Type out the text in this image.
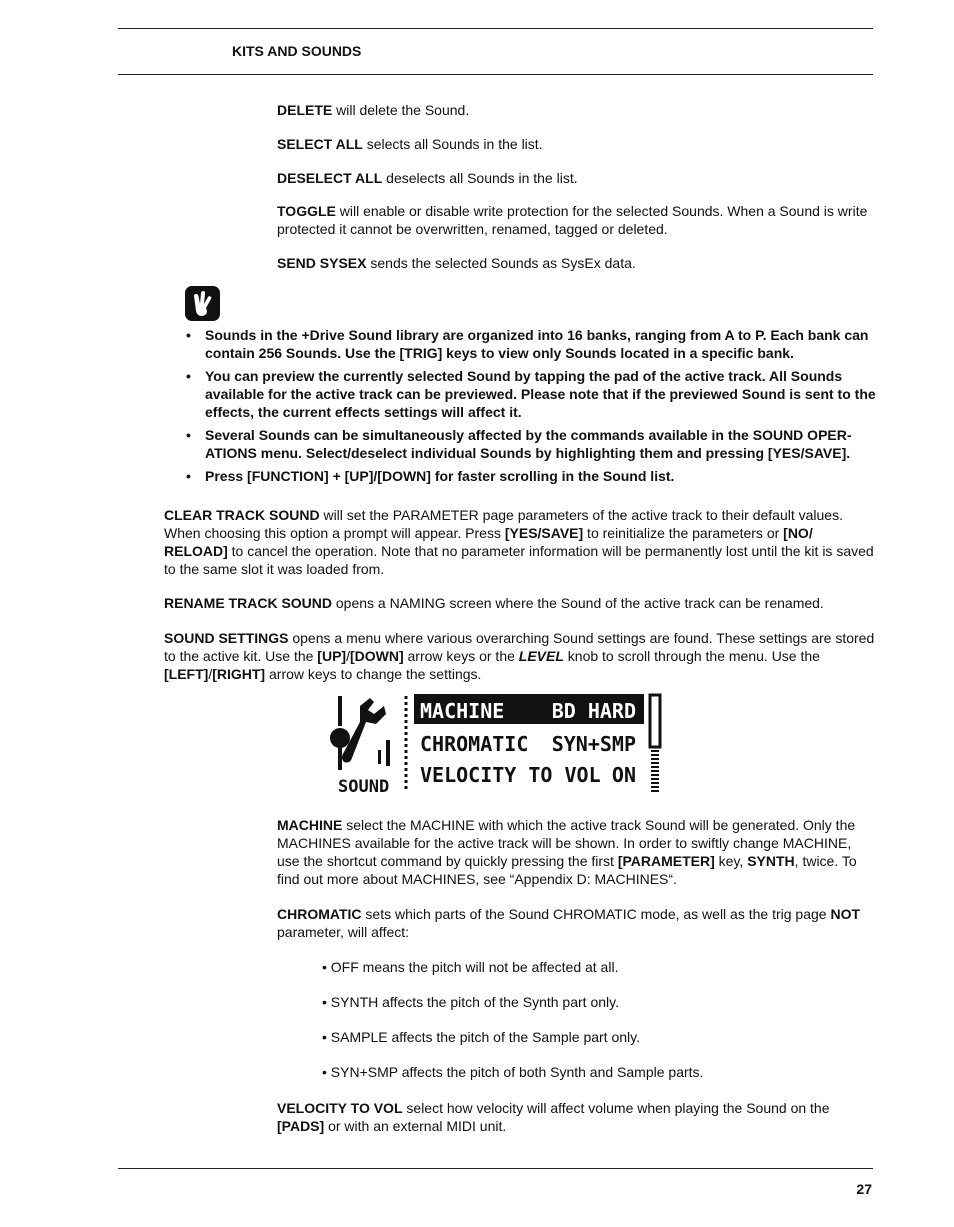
KITS AND SOUNDS

DELETE will delete the Sound.

SELECT ALL selects all Sounds in the list.

DESELECT ALL deselects all Sounds in the list.

TOGGLE will enable or disable write protection for the selected Sounds. When a Sound is write protected it cannot be overwritten, renamed, tagged or deleted.

SEND SYSEX sends the selected Sounds as SysEx data.

• Sounds in the +Drive Sound library are organized into 16 banks, ranging from A to P. Each bank can contain 256 Sounds. Use the [TRIG] keys to view only Sounds located in a specific bank.
• You can preview the currently selected Sound by tapping the pad of the active track. All Sounds available for the active track can be previewed. Please note that if the previewed Sound is sent to the effects, the current effects settings will affect it.
• Several Sounds can be simultaneously affected by the commands available in the SOUND OPER-ATIONS menu. Select/deselect individual Sounds by highlighting them and pressing [YES/SAVE].
• Press [FUNCTION] + [UP]/[DOWN] for faster scrolling in the Sound list.

CLEAR TRACK SOUND will set the PARAMETER page parameters of the active track to their default values. When choosing this option a prompt will appear. Press [YES/SAVE] to reinitialize the parameters or [NO/ RELOAD] to cancel the operation. Note that no parameter information will be permanently lost until the kit is saved to the same slot it was loaded from.

RENAME TRACK SOUND opens a NAMING screen where the Sound of the active track can be renamed.

SOUND SETTINGS opens a menu where various overarching Sound settings are found. These settings are stored to the active kit. Use the [UP]/[DOWN] arrow keys or the LEVEL knob to scroll through the menu. Use the [LEFT]/[RIGHT] arrow keys to change the settings.

SOUND
MACHINE BD HARD
CHROMATIC SYN+SMP
VELOCITY TO VOL ON

MACHINE select the MACHINE with which the active track Sound will be generated. Only the MACHINES available for the active track will be shown. In order to swiftly change MACHINE, use the shortcut command by quickly pressing the first [PARAMETER] key, SYNTH, twice. To find out more about MACHINES, see “Appendix D: MACHINES“.

CHROMATIC sets which parts of the Sound CHROMATIC mode, as well as the trig page NOT parameter, will affect:

• OFF means the pitch will not be affected at all.

• SYNTH affects the pitch of the Synth part only.

• SAMPLE affects the pitch of the Sample part only.

• SYN+SMP affects the pitch of both Synth and Sample parts.

VELOCITY TO VOL select how velocity will affect volume when playing the Sound on the [PADS] or with an external MIDI unit.

27
